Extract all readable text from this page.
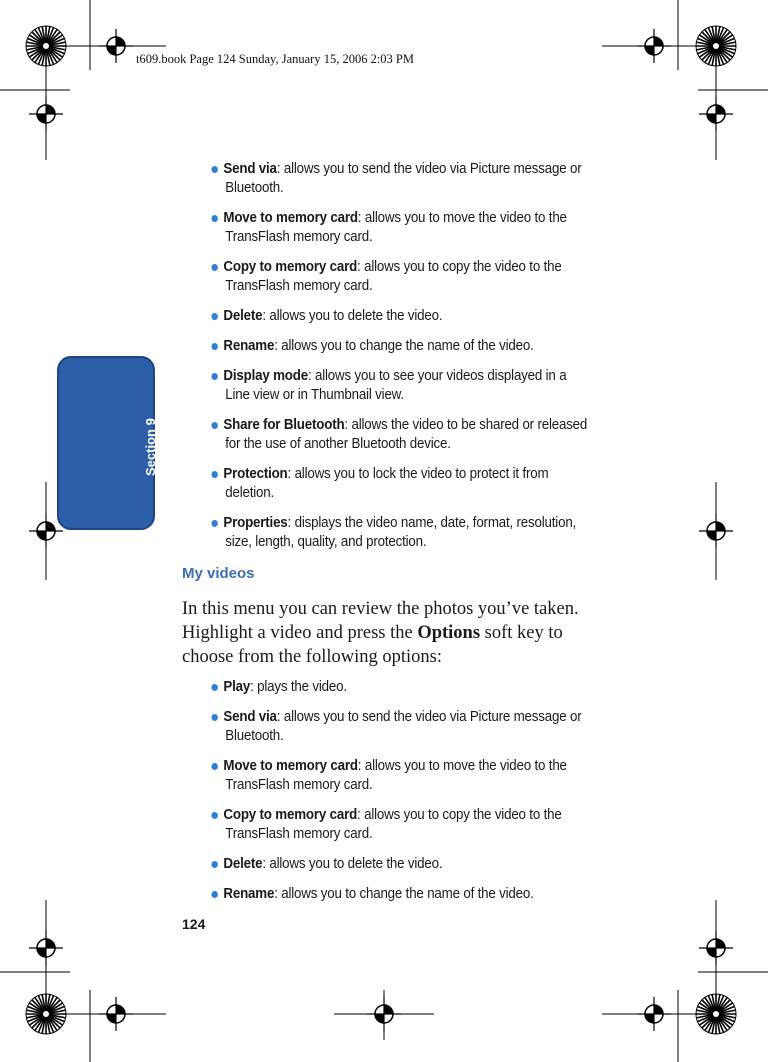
t609.book Page 124 Sunday, January 15, 2006 2:03 PM
Section 9
Send via: allows you to send the video via Picture message or
Bluetooth.
Move to memory card: allows you to move the video to the
TransFlash memory card.
Copy to memory card: allows you to copy the video to the
TransFlash memory card.
Delete: allows you to delete the video.
Rename: allows you to change the name of the video.
Display mode: allows you to see your videos displayed in a
Line view or in Thumbnail view.
Share for Bluetooth: allows the video to be shared or released
for the use of another Bluetooth device.
Protection: allows you to lock the video to protect it from
deletion.
Properties: displays the video name, date, format, resolution,
size, length, quality, and protection.
My videos

In this menu you can review the photos you’ve taken.
Highlight a video and press the Options soft key to
choose from the following options:

Play: plays the video.
Send via: allows you to send the video via Picture message or
Bluetooth.
Move to memory card: allows you to move the video to the
TransFlash memory card.
Copy to memory card: allows you to copy the video to the
TransFlash memory card.
Delete: allows you to delete the video.
Rename: allows you to change the name of the video.
124
